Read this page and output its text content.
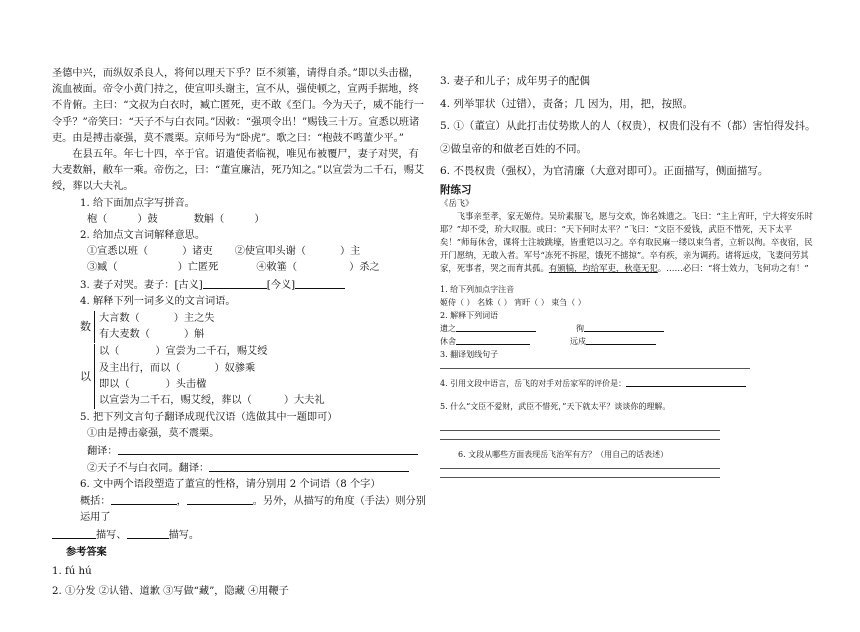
圣德中兴，而纵奴杀良人，将何以理天下乎？臣不须箠，请得自杀。”即以头击楹，流血被面。帝令小黄门持之，使宣叩头谢主，宣不从，强使顿之，宣两手据地，终不肯俯。主曰：“文叔为白衣时，臧亡匿死，吏不敢《至门。今为天子，威不能行一令乎？”帝笑曰：“天子不与白衣同。”因敕：“强项令出！”赐钱三十万。宣悉以班诸吏。由是搏击豪强，莫不震栗。京师号为“卧虎”。歌之曰：“枹鼓不鸣董少平。”

在县五年。年七十四，卒于官。诏遣使者临视，唯见布被覆尸，妻子对哭，有大麦数斛，敝车一乘。帝伤之，曰：“董宣廉洁，死乃知之。”以宣尝为二千石，赐艾绶，葬以大夫礼。

1. 给下面加点字写拼音。

枹（	）鼓	数斛（	）

2. 给加点文言词解释意思。

①宣悉以班（	）诸吏 ②使宣叩头谢（	）主

③臧（	）亡匿死	④敕箠（	）杀之

3. 妻子对哭。妻子：[古义]	[今义]

4. 解释下列一词多义的文言词语。

数

大言数（	）主之失

有大麦数（	）斛

以

以（	）宣尝为二千石，赐艾绶

及主出行，而以（	）奴骖乘

即以（	）头击楹

以宣尝为二千石，赐艾绶，葬以（	）大夫礼

5. 把下列文言句子翻译成现代汉语（选做其中一题即可）

①由是搏击豪强，莫不震栗。

翻译：

②天子不与白衣同。翻译：

6. 文中两个语段塑造了董宣的性格，请分别用 2 个词语（8 个字）

概括：	，	。另外，从描写的角度（手法）则分别运用了

描写、	描写。

参考答案

1. fú hú

2. ①分发 ②认错、道歉 ③写做“藏”，隐藏 ④用鞭子

3. 妻子和儿子；成年男子的配偶

4. 列举罪状（过错），责备；几 因为，用，把，按照。

5. ①（董宣）从此打击仗势欺人的人（权贵），权贵们没有不（都）害怕得发抖。

②做皇帝的和做老百姓的不同。

6. 不畏权贵（强权），为官清廉（大意对即可）。正面描写，侧面描写。

附练习

《岳飞》

飞事亲至孝，家无姬侍。吴玠素服飞，愿与交欢，饰名姝遗之。飞曰：“主上宵旰，宁大将安乐时耶？”却不受，玠大叹服。或曰：“天下何时太平？”飞曰：“文臣不爱钱，武臣不惜死，天下太平矣！”师每休舍，课将士注坡跳壕，皆重铠以习之。卒有取民麻一缕以束刍者，立斩以徇。卒夜宿，民开门愿纳，无敢入者。军号“冻死不拆屋，饿死不掳掠”。卒有疾，亲为调药。诸将远戍，飞妻问劳其家，死事者，哭之而育其孤。有颁犒，均给军吏，秋毫无犯。……必曰：“将士效力，飞何功之有！”

1. 给下列加点字注音

姬侍（ ） 名姝（ ） 宵旰（ ） 束刍（ ）

2. 解释下列词语

遗之	徇

休舍	远戍

3. 翻译划线句子

4. 引用文段中语言，岳飞的对手对岳家军的评价是：

5. 什么“文臣不爱财，武臣不惜死，”天下就太平？谈谈你的理解。

6. 文段从哪些方面表现岳飞治军有方？（用自己的话表述）
